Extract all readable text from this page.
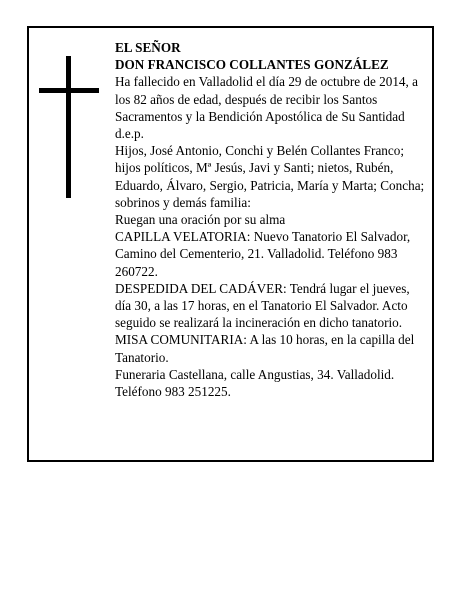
EL SEÑOR

DON FRANCISCO COLLANTES GONZÁLEZ

Ha fallecido en Valladolid el día 29 de octubre de 2014, a los 82 años de edad, después de recibir los Santos Sacramentos y la Bendición Apostólica de Su Santidad d.e.p.

Hijos, José Antonio, Conchi y Belén Collantes Franco; hijos políticos, Mª Jesús, Javi y Santi; nietos, Rubén, Eduardo, Álvaro, Sergio, Patricia, María y Marta; Concha; sobrinos y demás familia:

Ruegan una oración por su alma

CAPILLA VELATORIA: Nuevo Tanatorio El Salvador, Camino del Cementerio, 21. Valladolid. Teléfono 983 260722.

DESPEDIDA DEL CADÁVER: Tendrá lugar el jueves, día 30, a las 17 horas, en el Tanatorio El Salvador. Acto seguido se realizará la incineración en dicho tanatorio.

MISA COMUNITARIA: A las 10 horas, en la capilla del Tanatorio.

Funeraria Castellana, calle Angustias, 34. Valladolid. Teléfono 983 251225.
